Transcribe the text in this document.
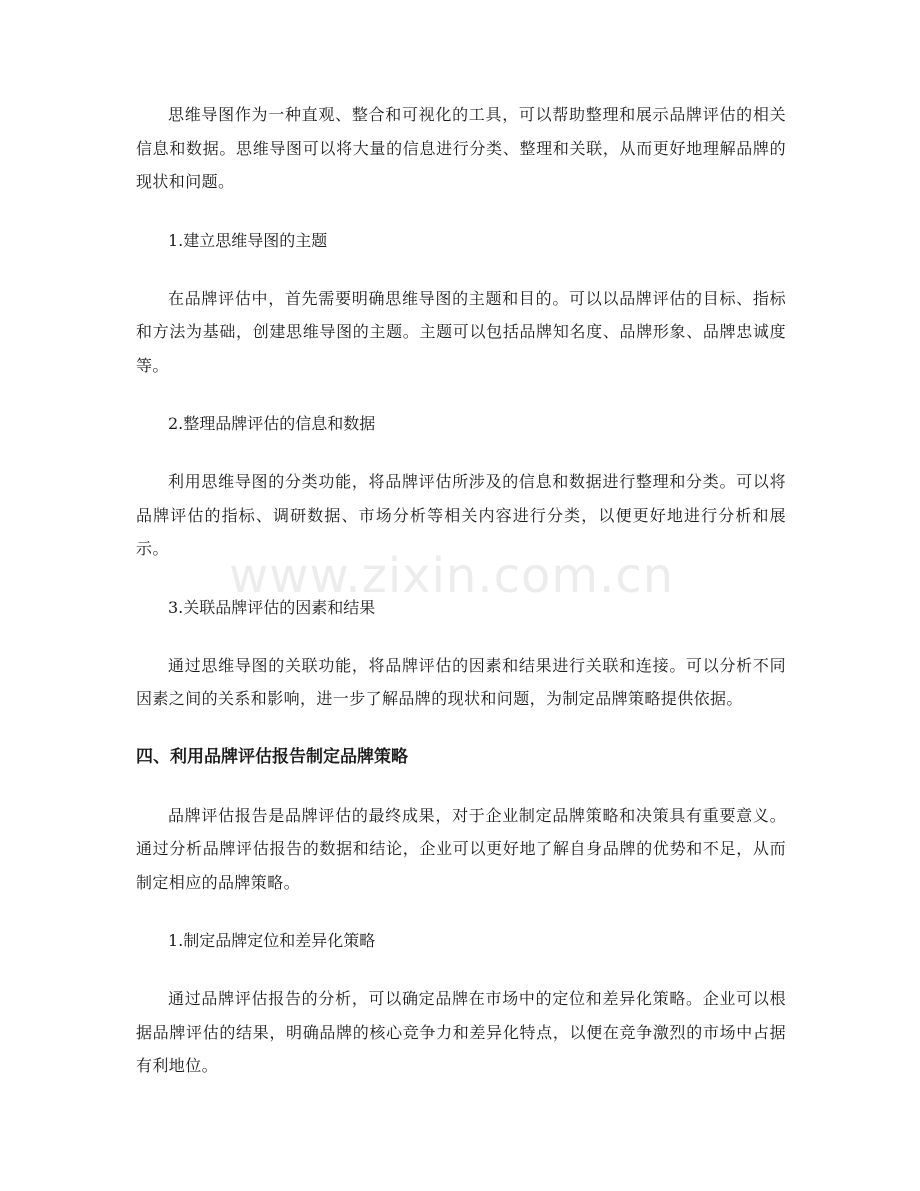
思维导图作为一种直观、整合和可视化的工具，可以帮助整理和展示品牌评估的相关信息和数据。思维导图可以将大量的信息进行分类、整理和关联，从而更好地理解品牌的现状和问题。

1.建立思维导图的主题

在品牌评估中，首先需要明确思维导图的主题和目的。可以以品牌评估的目标、指标和方法为基础，创建思维导图的主题。主题可以包括品牌知名度、品牌形象、品牌忠诚度等。

2.整理品牌评估的信息和数据

利用思维导图的分类功能，将品牌评估所涉及的信息和数据进行整理和分类。可以将品牌评估的指标、调研数据、市场分析等相关内容进行分类，以便更好地进行分析和展示。

3.关联品牌评估的因素和结果

通过思维导图的关联功能，将品牌评估的因素和结果进行关联和连接。可以分析不同因素之间的关系和影响，进一步了解品牌的现状和问题，为制定品牌策略提供依据。

四、利用品牌评估报告制定品牌策略

品牌评估报告是品牌评估的最终成果，对于企业制定品牌策略和决策具有重要意义。通过分析品牌评估报告的数据和结论，企业可以更好地了解自身品牌的优势和不足，从而制定相应的品牌策略。

1.制定品牌定位和差异化策略

通过品牌评估报告的分析，可以确定品牌在市场中的定位和差异化策略。企业可以根据品牌评估的结果，明确品牌的核心竞争力和差异化特点，以便在竞争激烈的市场中占据有利地位。

www.zixin.com.cn
